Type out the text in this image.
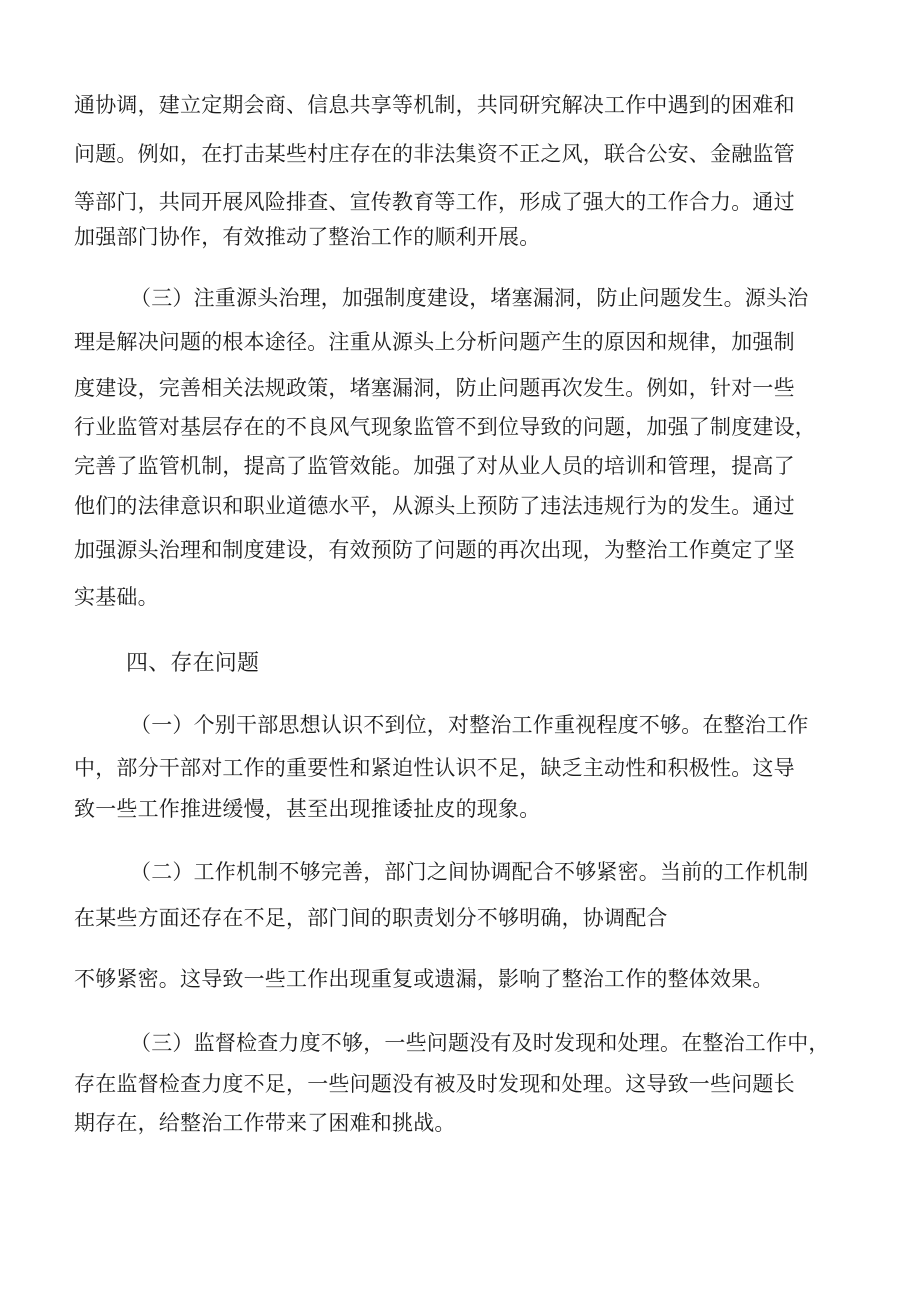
通协调，建立定期会商、信息共享等机制，共同研究解决工作中遇到的困难和
问题。例如，在打击某些村庄存在的非法集资不正之风，联合公安、金融监管
等部门，共同开展风险排查、宣传教育等工作，形成了强大的工作合力。通过
加强部门协作，有效推动了整治工作的顺利开展。
（三）注重源头治理，加强制度建设，堵塞漏洞，防止问题发生。源头治
理是解决问题的根本途径。注重从源头上分析问题产生的原因和规律，加强制
度建设，完善相关法规政策，堵塞漏洞，防止问题再次发生。例如，针对一些
行业监管对基层存在的不良风气现象监管不到位导致的问题，加强了制度建设，
完善了监管机制，提高了监管效能。加强了对从业人员的培训和管理，提高了
他们的法律意识和职业道德水平，从源头上预防了违法违规行为的发生。通过
加强源头治理和制度建设，有效预防了问题的再次出现，为整治工作奠定了坚
实基础。
四、存在问题
（一）个别干部思想认识不到位，对整治工作重视程度不够。在整治工作
中，部分干部对工作的重要性和紧迫性认识不足，缺乏主动性和积极性。这导
致一些工作推进缓慢，甚至出现推诿扯皮的现象。
（二）工作机制不够完善，部门之间协调配合不够紧密。当前的工作机制
在某些方面还存在不足，部门间的职责划分不够明确，协调配合
不够紧密。这导致一些工作出现重复或遗漏，影响了整治工作的整体效果。
（三）监督检查力度不够，一些问题没有及时发现和处理。在整治工作中，
存在监督检查力度不足，一些问题没有被及时发现和处理。这导致一些问题长
期存在，给整治工作带来了困难和挑战。
